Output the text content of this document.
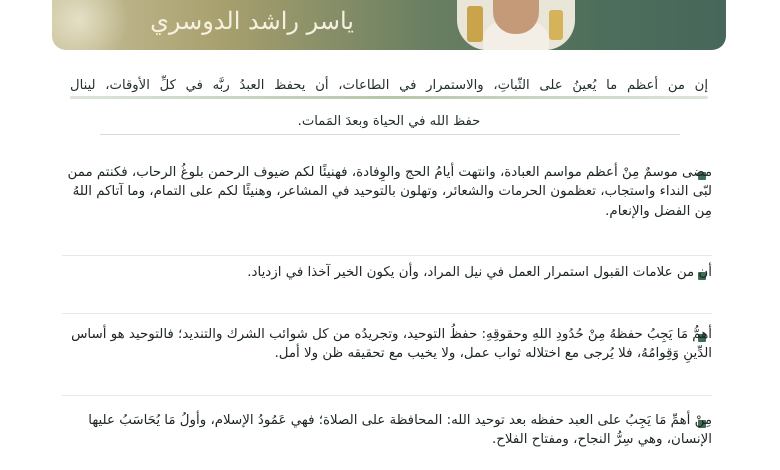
ياسر راشد الدوسري
إن من أعظم ما يُعينُ على الثّباتِ، والاستمرار في الطاعات، أن يحفظ العبدُ ربَّه في كلِّ الأوقات، لينال
حفظ الله في الحياة وبعدَ المَمات.
مضى موسمٌ مِنْ أعظم مواسم العبادة، وانتهت أيامُ الحج والوِفادة، فهنيئًا لكم ضيوف الرحمن بلوغُ الرحاب، فكنتم ممن لبّى النداء واستجاب، تعظمون الحرمات والشعائر، وتهلون بالتوحيد في المشاعر، وهنيئًا لكم على التمام، وما آتاكم اللهُ مِن الفضل والإنعام.
أن من علامات القبول استمرار العمل في نيل المراد، وأن يكون الخير آخذا في ازدياد.
أهمُّ مَا يَجِبُ حفظهُ مِنْ حُدُودِ اللهِ وحقوقِهِ: حفظُ التوحيد، وتجريدُه من كل شوائب الشرك والتنديد؛ فالتوحيد هو أساس الدِّينِ وَقِوامُهُ، فلا يُرجى مع اختلاله ثواب عمل، ولا يخيب مع تحقيقه ظن ولا أمل.
مِنْ أهمِّ مَا يَجِبُ على العبد حفظه بعد توحيد الله: المحافظة على الصلاة؛ فهي عَمُودُ الإسلام، وأولُ مَا يُحَاسَبُ عليها الإنسان، وهي سِرُّ النجاح، ومفتاح الفلاح.
